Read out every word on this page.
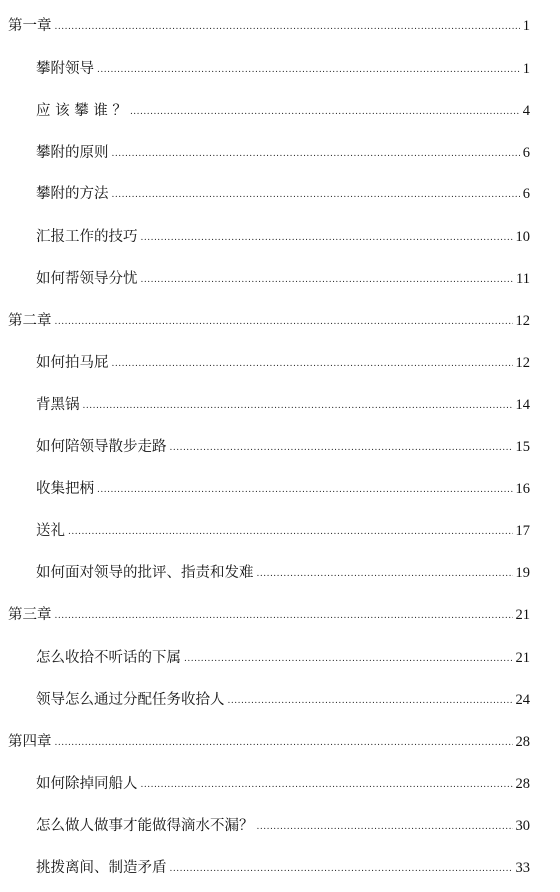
第一章 .....	1
攀附领导 .....	1
应 该 攀 谁 ？ .....	4
攀附的原则 .....	6
攀附的方法 .....	6
汇报工作的技巧 .....	10
如何帮领导分忧 .....	11
第二章 .....	12
如何拍马屁 .....	12
背黑锅 .....	14
如何陪领导散步走路 .....	15
收集把柄 .....	16
送礼 .....	17
如何面对领导的批评、指责和发难 .....	19
第三章 .....	21
怎么收拾不听话的下属 .....	21
领导怎么通过分配任务收拾人 .....	24
第四章 .....	28
如何除掉同船人 .....	28
怎么做人做事才能做得滴水不漏？ .....	30
挑拨离间、制造矛盾 .....	33
